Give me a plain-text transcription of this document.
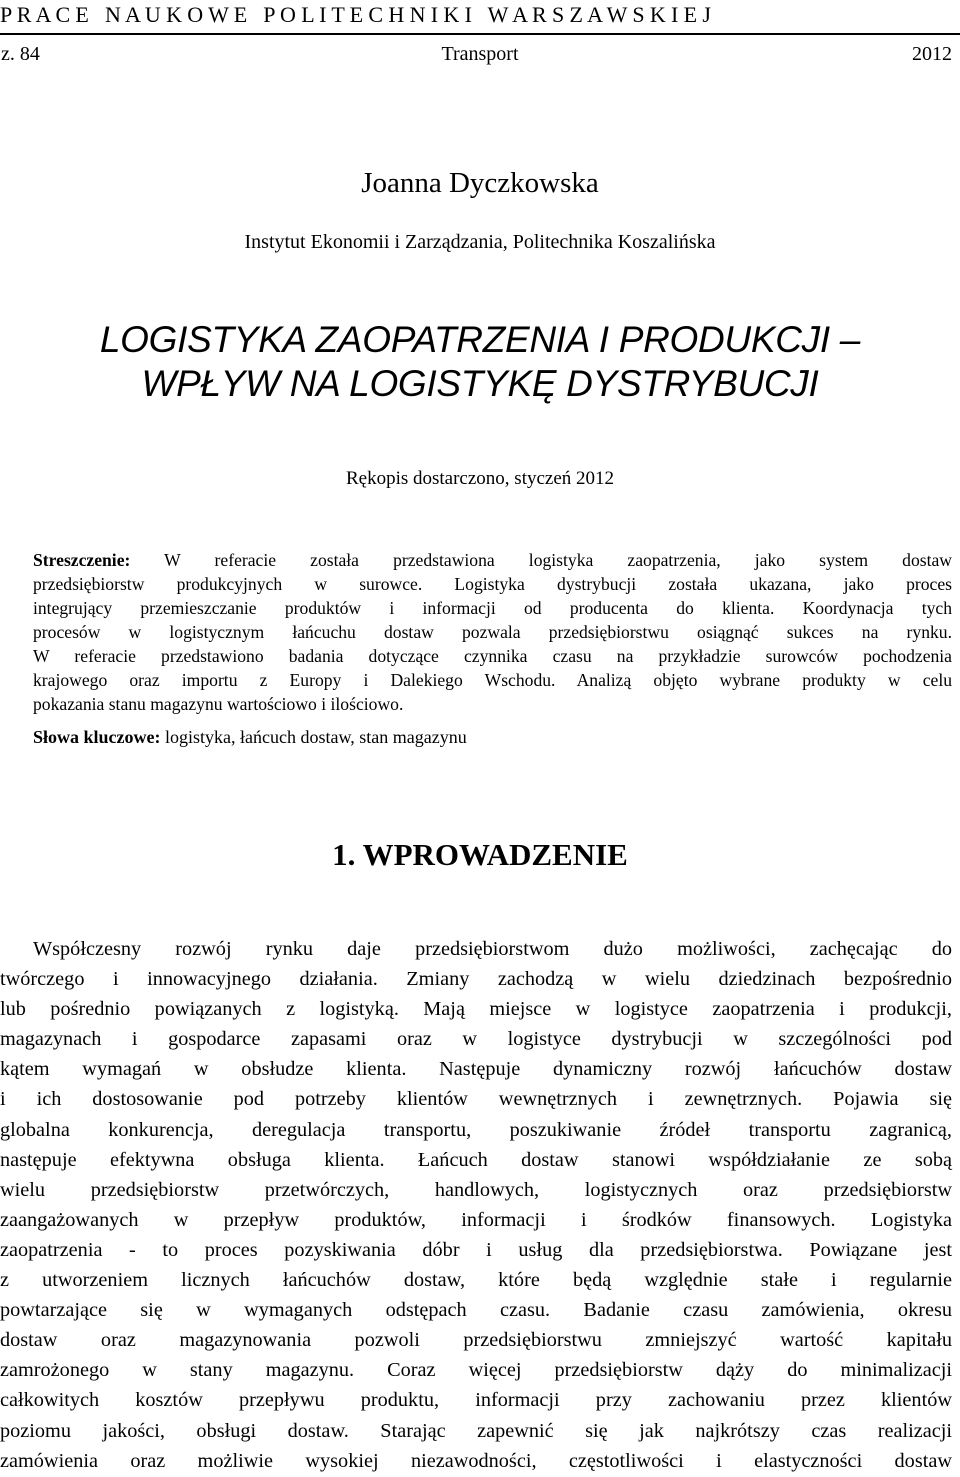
P R A C E   N A U K O W E   P O L I T E C H N I K I   W A R S Z A W S K I E J
Transport
z. 84	2012
Joanna Dyczkowska
Instytut Ekonomii i Zarządzania, Politechnika Koszalińska
LOGISTYKA ZAOPATRZENIA I PRODUKCJI –
WPŁYW NA LOGISTYKĘ DYSTRYBUCJI
Rękopis dostarczono, styczeń 2012
Streszczenie: W referacie została przedstawiona logistyka zaopatrzenia, jako system dostaw
przedsiębiorstw produkcyjnych w surowce. Logistyka dystrybucji została ukazana, jako proces
integrujący przemieszczanie produktów i informacji od producenta do klienta. Koordynacja tych
procesów w logistycznym łańcuchu dostaw pozwala przedsiębiorstwu osiągnąć sukces na rynku.
W referacie przedstawiono badania dotyczące czynnika czasu na przykładzie surowców pochodzenia
krajowego oraz importu z Europy i Dalekiego Wschodu. Analizą objęto wybrane produkty w celu
pokazania stanu magazynu wartościowo i ilościowo.
Słowa kluczowe: logistyka, łańcuch dostaw, stan magazynu
1. WPROWADZENIE
Współczesny rozwój rynku daje przedsiębiorstwom dużo możliwości, zachęcając do
twórczego i innowacyjnego działania. Zmiany zachodzą w wielu dziedzinach bezpośrednio
lub pośrednio powiązanych z logistyką. Mają miejsce w logistyce zaopatrzenia i produkcji,
magazynach i gospodarce zapasami oraz w logistyce dystrybucji w szczególności pod
kątem wymagań w obsłudze klienta. Następuje dynamiczny rozwój łańcuchów dostaw
i ich dostosowanie pod potrzeby klientów wewnętrznych i zewnętrznych. Pojawia się
globalna konkurencja, deregulacja transportu, poszukiwanie źródeł transportu zagranicą,
następuje efektywna obsługa klienta. Łańcuch dostaw stanowi współdziałanie ze sobą
wielu przedsiębiorstw przetwórczych, handlowych, logistycznych oraz przedsiębiorstw
zaangażowanych w przepływ produktów, informacji i środków finansowych. Logistyka
zaopatrzenia - to proces pozyskiwania dóbr i usług dla przedsiębiorstwa. Powiązane jest
z utworzeniem licznych łańcuchów dostaw, które będą względnie stałe i regularnie
powtarzające się w wymaganych odstępach czasu. Badanie czasu zamówienia, okresu
dostaw oraz magazynowania pozwoli przedsiębiorstwu zmniejszyć wartość kapitału
zamrożonego w stany magazynu. Coraz więcej przedsiębiorstw dąży do minimalizacji
całkowitych kosztów przepływu produktu, informacji przy zachowaniu przez klientów
poziomu jakości, obsługi dostaw. Starając zapewnić się jak najkrótszy czas realizacji
zamówienia oraz możliwie wysokiej niezawodności, częstotliwości i elastyczności dostaw
